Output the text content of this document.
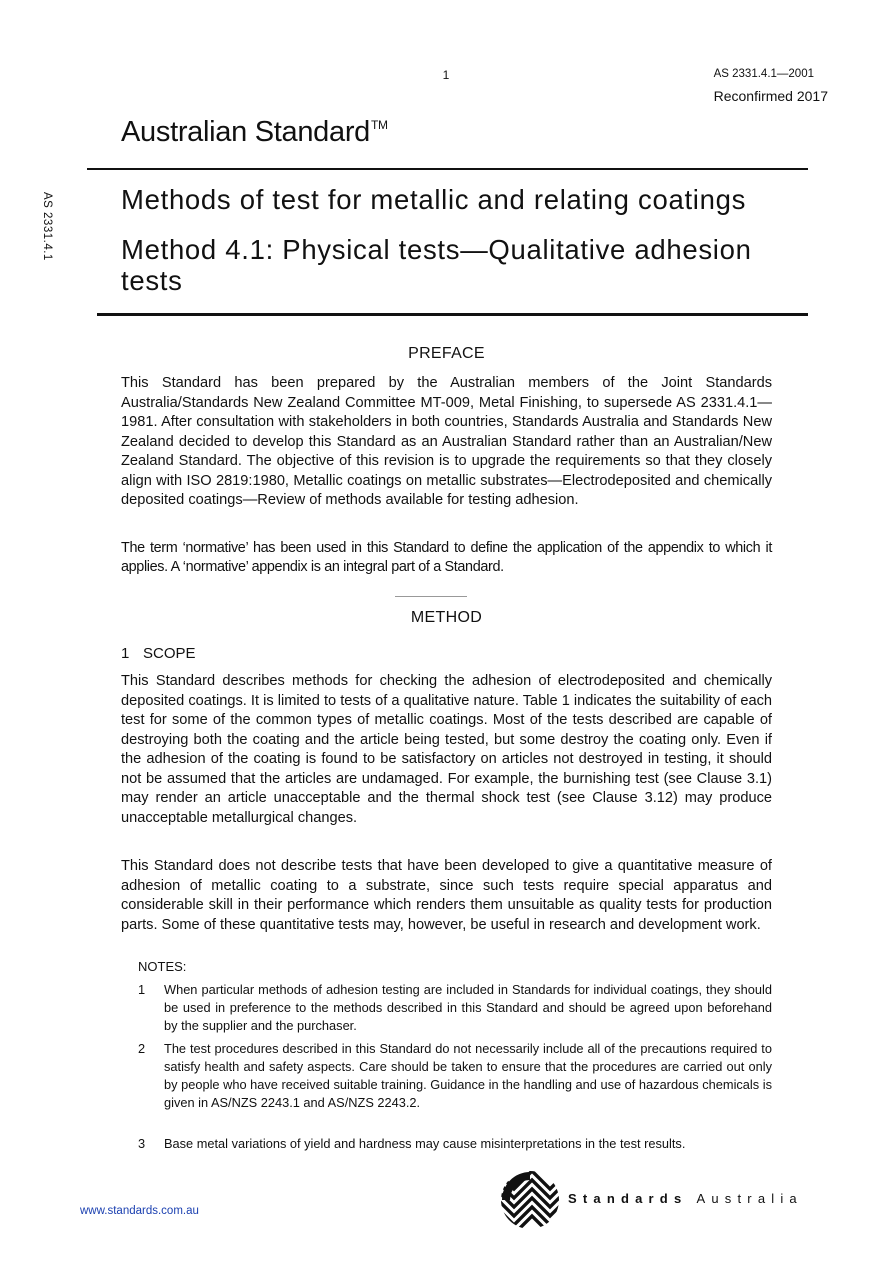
1	AS 2331.4.1—2001
Reconfirmed 2017
Australian Standard™
AS 2331.4.1 Methods of test for metallic and relating coatings
Method 4.1: Physical tests—Qualitative adhesion tests
PREFACE
This Standard has been prepared by the Australian members of the Joint Standards Australia/Standards New Zealand Committee MT-009, Metal Finishing, to supersede AS 2331.4.1—1981. After consultation with stakeholders in both countries, Standards Australia and Standards New Zealand decided to develop this Standard as an Australian Standard rather than an Australian/New Zealand Standard. The objective of this revision is to upgrade the requirements so that they closely align with ISO 2819:1980, Metallic coatings on metallic substrates—Electrodeposited and chemically deposited coatings—Review of methods available for testing adhesion.
The term ‘normative’ has been used in this Standard to define the application of the appendix to which it applies. A ‘normative’ appendix is an integral part of a Standard.
METHOD
1 SCOPE
This Standard describes methods for checking the adhesion of electrodeposited and chemically deposited coatings. It is limited to tests of a qualitative nature. Table 1 indicates the suitability of each test for some of the common types of metallic coatings. Most of the tests described are capable of destroying both the coating and the article being tested, but some destroy the coating only. Even if the adhesion of the coating is found to be satisfactory on articles not destroyed in testing, it should not be assumed that the articles are undamaged. For example, the burnishing test (see Clause 3.1) may render an article unacceptable and the thermal shock test (see Clause 3.12) may produce unacceptable metallurgical changes.
This Standard does not describe tests that have been developed to give a quantitative measure of adhesion of metallic coating to a substrate, since such tests require special apparatus and considerable skill in their performance which renders them unsuitable as quality tests for production parts. Some of these quantitative tests may, however, be useful in research and development work.
NOTES:
1 When particular methods of adhesion testing are included in Standards for individual coatings, they should be used in preference to the methods described in this Standard and should be agreed upon beforehand by the supplier and the purchaser.
2 The test procedures described in this Standard do not necessarily include all of the precautions required to satisfy health and safety aspects. Care should be taken to ensure that the procedures are carried out only by people who have received suitable training. Guidance in the handling and use of hazardous chemicals is given in AS/NZS 2243.1 and AS/NZS 2243.2.
3 Base metal variations of yield and hardness may cause misinterpretations in the test results.
www.standards.com.au
Standards Australia
